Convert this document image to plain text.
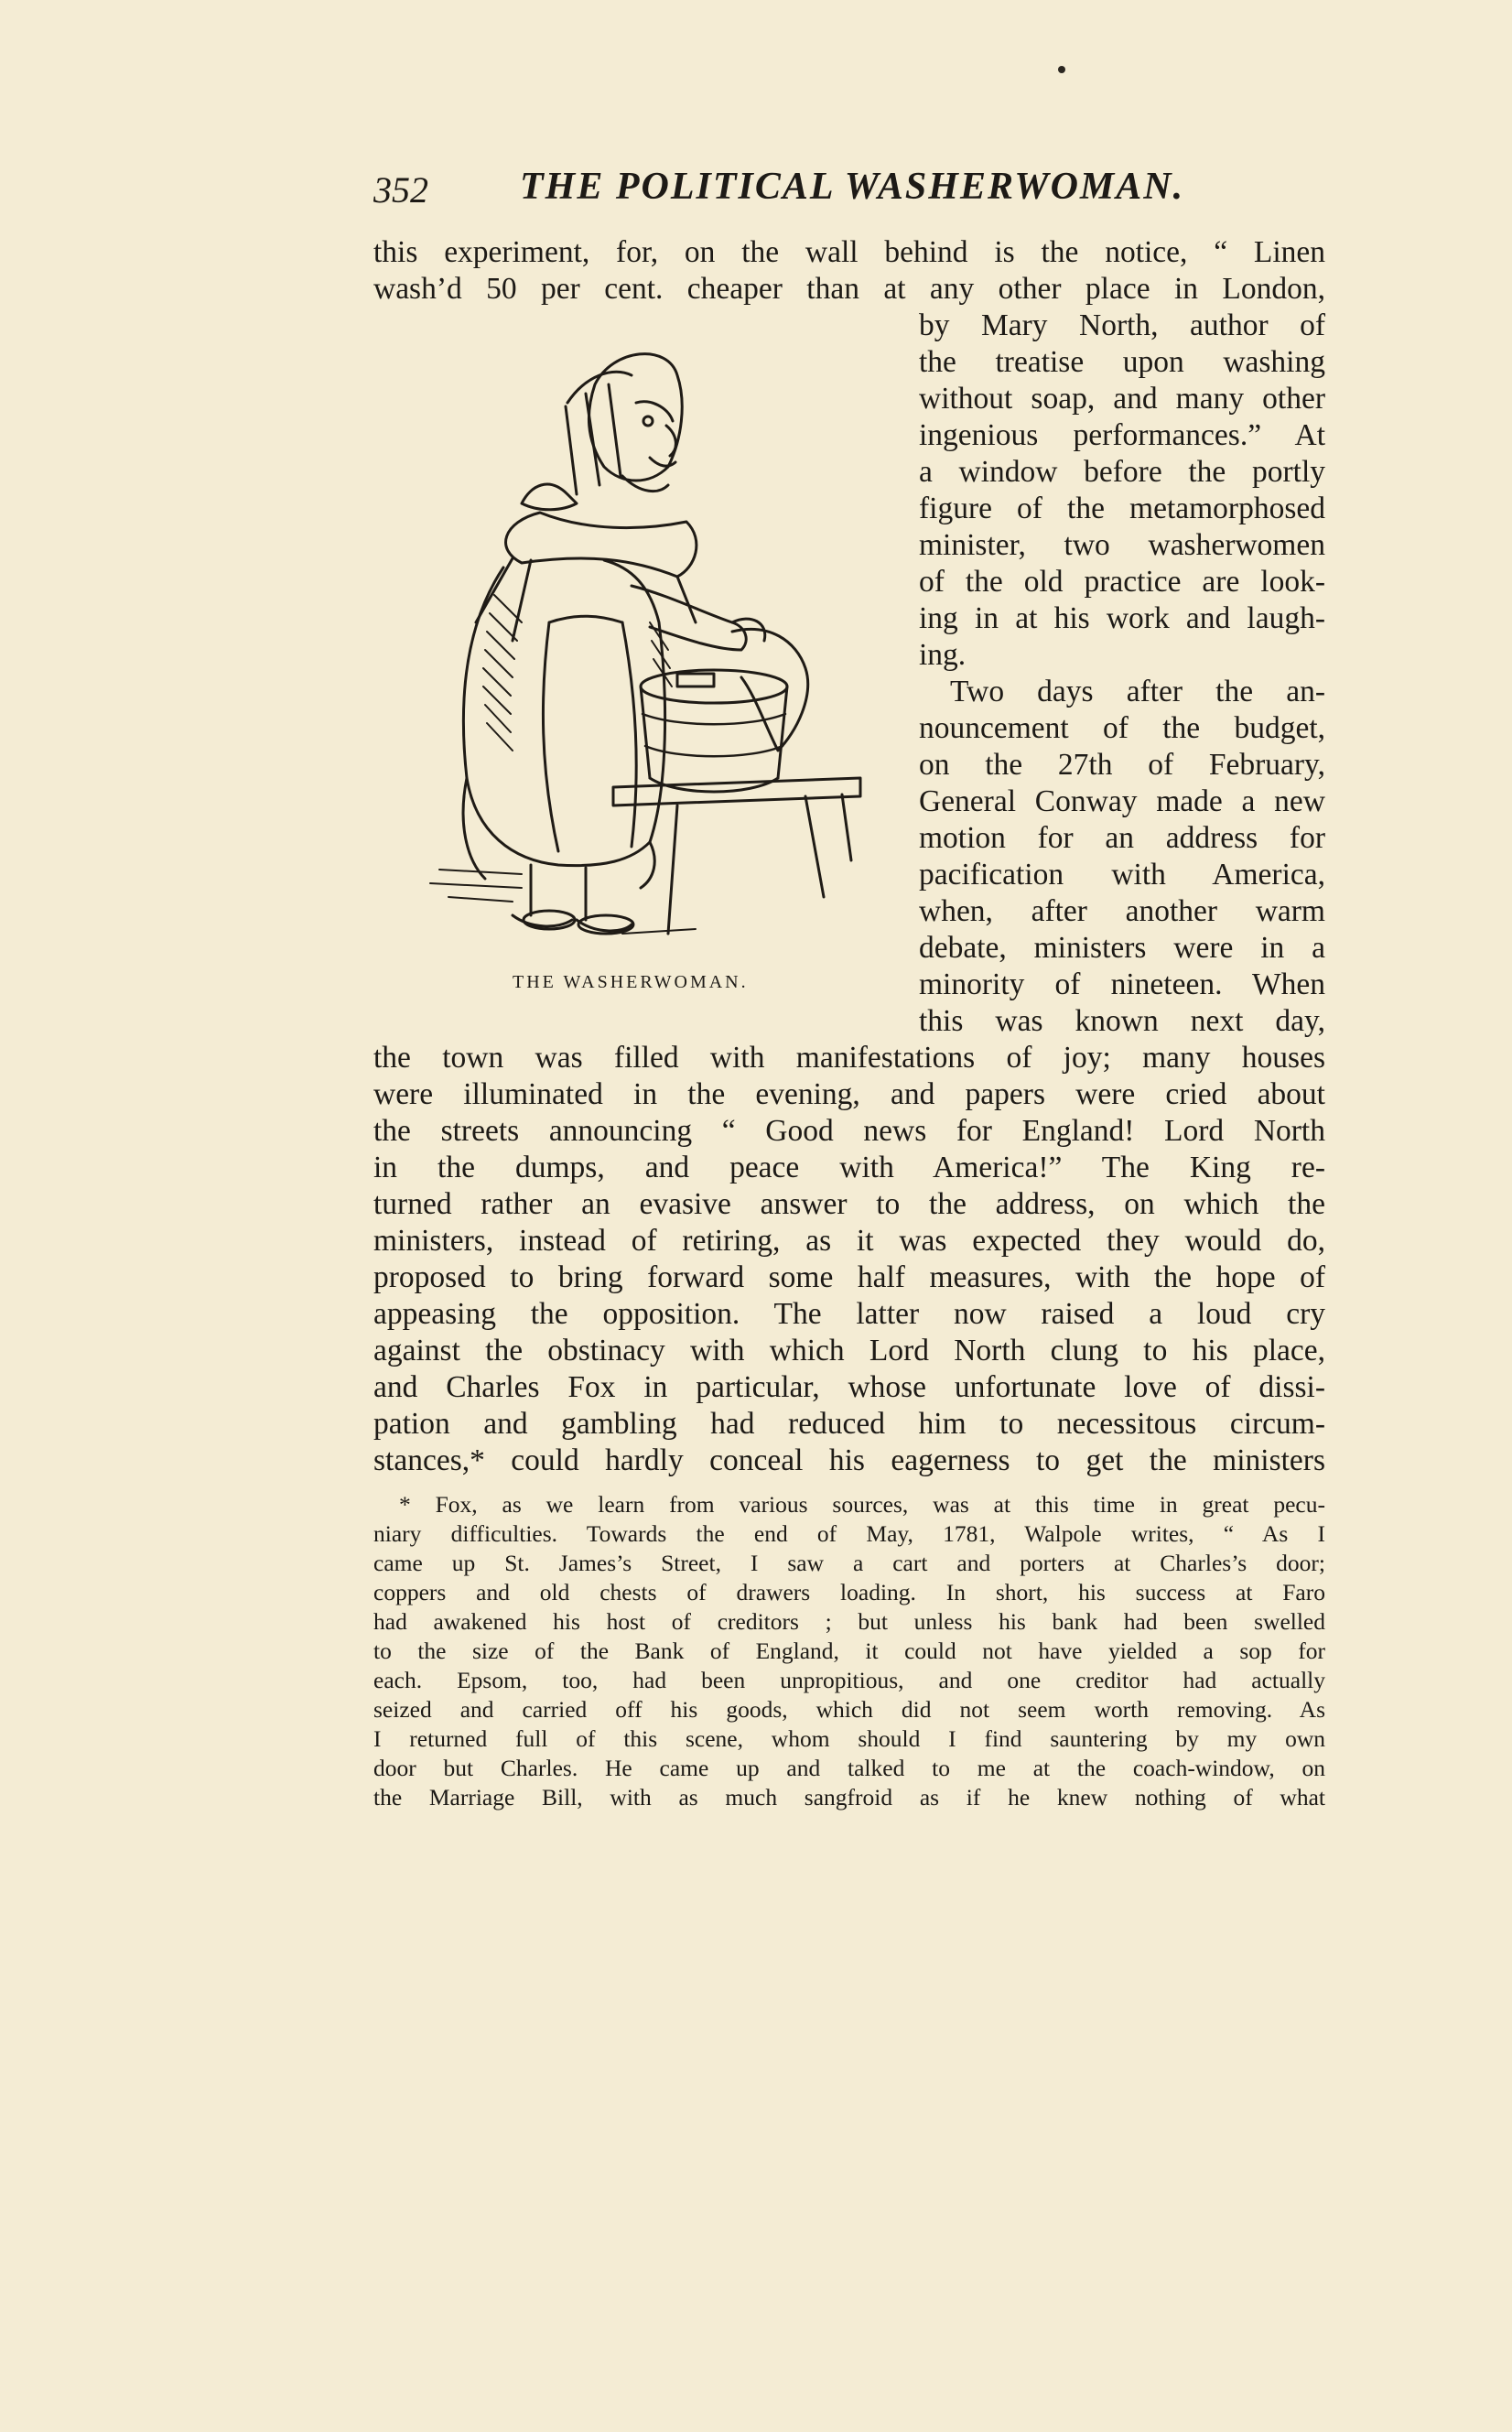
352 THE POLITICAL WASHERWOMAN.
this experiment, for, on the wall behind is the notice, “ Linen
wash’d 50 per cent. cheaper than at any other place in London,
by Mary North, author of
the treatise upon washing
without soap, and many other
ingenious performances.” At
a window before the portly
figure of the metamorphosed
minister, two washerwomen
of the old practice are look-
ing in at his work and laugh-
ing.
Two days after the an-
nouncement of the budget,
on the 27th of February,
General Conway made a new
motion for an address for
pacification with America,
when, after another warm
debate, ministers were in a
minority of nineteen. When
this was known next day,
the town was filled with manifestations of joy; many houses
were illuminated in the evening, and papers were cried about
the streets announcing “ Good news for England! Lord North
in the dumps, and peace with America!” The King re-
turned rather an evasive answer to the address, on which the
ministers, instead of retiring, as it was expected they would do,
proposed to bring forward some half measures, with the hope of
appeasing the opposition. The latter now raised a loud cry
against the obstinacy with which Lord North clung to his place,
and Charles Fox in particular, whose unfortunate love of dissi-
pation and gambling had reduced him to necessitous circum-
stances,* could hardly conceal his eagerness to get the ministers
THE WASHERWOMAN.
* Fox, as we learn from various sources, was at this time in great pecu-
niary difficulties. Towards the end of May, 1781, Walpole writes, “ As I
came up St. James’s Street, I saw a cart and porters at Charles’s door;
coppers and old chests of drawers loading. In short, his success at Faro
had awakened his host of creditors ; but unless his bank had been swelled
to the size of the Bank of England, it could not have yielded a sop for
each. Epsom, too, had been unpropitious, and one creditor had actually
seized and carried off his goods, which did not seem worth removing. As
I returned full of this scene, whom should I find sauntering by my own
door but Charles. He came up and talked to me at the coach-window, on
the Marriage Bill, with as much sangfroid as if he knew nothing of what
